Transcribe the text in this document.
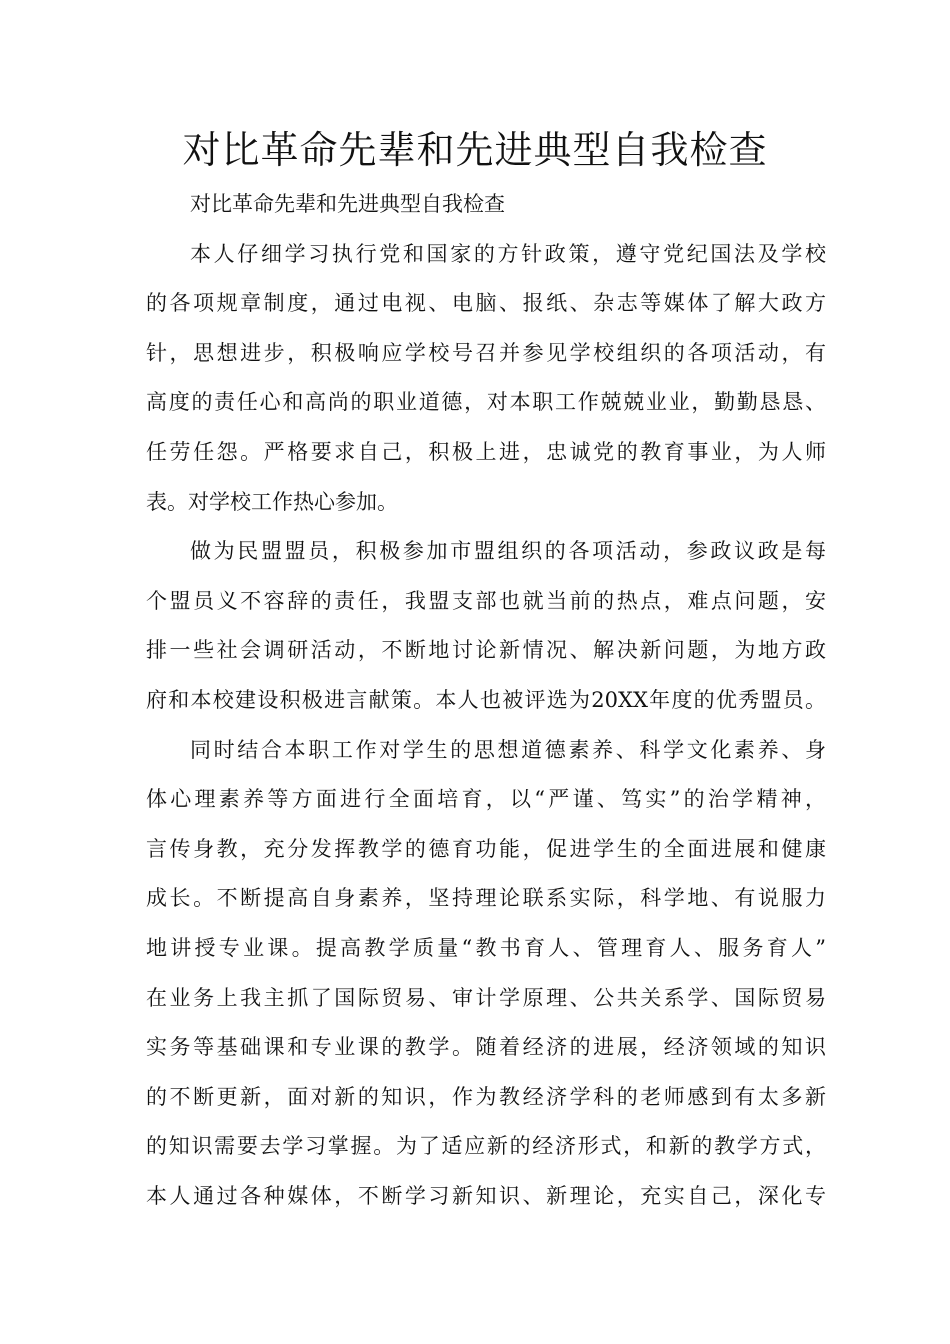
对比革命先辈和先进典型自我检查
对比革命先辈和先进典型自我检查
本人仔细学习执行党和国家的方针政策，遵守党纪国法及学校
的各项规章制度，通过电视、电脑、报纸、杂志等媒体了解大政方
针，思想进步，积极响应学校号召并参见学校组织的各项活动，有
高度的责任心和高尚的职业道德，对本职工作兢兢业业，勤勤恳恳、
任劳任怨。严格要求自己，积极上进，忠诚党的教育事业，为人师
表。对学校工作热心参加。
做为民盟盟员，积极参加市盟组织的各项活动，参政议政是每
个盟员义不容辞的责任，我盟支部也就当前的热点，难点问题，安
排一些社会调研活动，不断地讨论新情况、解决新问题，为地方政
府和本校建设积极进言献策。本人也被评选为20XX年度的优秀盟员。
同时结合本职工作对学生的思想道德素养、科学文化素养、身
体心理素养等方面进行全面培育，以“严谨、笃实”的治学精神，
言传身教，充分发挥教学的德育功能，促进学生的全面进展和健康
成长。不断提高自身素养，坚持理论联系实际，科学地、有说服力
地讲授专业课。提高教学质量“教书育人、管理育人、服务育人”
在业务上我主抓了国际贸易、审计学原理、公共关系学、国际贸易
实务等基础课和专业课的教学。随着经济的进展，经济领域的知识
的不断更新，面对新的知识，作为教经济学科的老师感到有太多新
的知识需要去学习掌握。为了适应新的经济形式，和新的教学方式，
本人通过各种媒体，不断学习新知识、新理论，充实自己，深化专
